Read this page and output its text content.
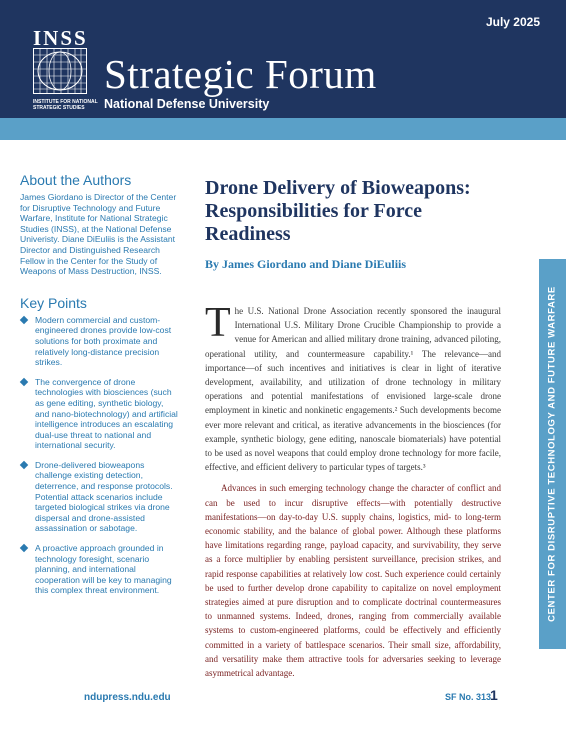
INSS
INSTITUTE FOR NATIONAL STRATEGIC STUDIES
July 2025
Strategic Forum
National Defense University
About the Authors

James Giordano is Director of the Center for Disruptive Technology and Future Warfare, Institute for National Strategic Studies (INSS), at the National Defense Univeristy. Diane DiEuliis is the Assistant Director and Distinguished Research Fellow in the Center for the Study of Weapons of Mass Destruction, INSS.

Key Points
Modern commercial and custom-engineered drones provide low-cost solutions for both proximate and relatively long-distance precision strikes.
The convergence of drone technologies with biosciences (such as gene editing, synthetic biology, and nano-biotechnology) and artificial intelligence introduces an escalating dual-use threat to national and international security.
Drone-delivered bioweapons challenge existing detection, deterrence, and response protocols. Potential attack scenarios include targeted biological strikes via drone dispersal and drone-assisted assassination or sabotage.
A proactive approach grounded in technology foresight, scenario planning, and international cooperation will be key to managing this complex threat environment.
Drone Delivery of Bioweapons: Responsibilities for Force Readiness

By James Giordano and Diane DiEuliis

The U.S. National Drone Association recently sponsored the inaugural International U.S. Military Drone Crucible Championship to provide a venue for American and allied military drone training, advanced piloting, operational utility, and countermeasure capability.¹ The relevance—and importance—of such incentives and initiatives is clear in light of iterative development, availability, and utilization of drone technology in military operations and potential manifestations of envisioned large-scale drone employment in kinetic and nonkinetic engagements.² Such developments become ever more relevant and critical, as iterative advancements in the biosciences (for example, synthetic biology, gene editing, nanoscale biomaterials) have potential to be used as novel weapons that could employ drone technology for more facile, effective, and efficient delivery to particular types of targets.³

Advances in such emerging technology change the character of conflict and can be used to incur disruptive effects—with potentially destructive manifestations—on day-to-day U.S. supply chains, logistics, mid- to long-term economic stability, and the balance of global power. Although these platforms have limitations regarding range, payload capacity, and survivability, they serve as a force multiplier by enabling persistent surveillance, precision strikes, and rapid response capabilities at relatively low cost. Such experience could certainly be used to further develop drone capability to capitalize on novel employment strategies aimed at pure disruption and to complicate doctrinal countermeasures to unmanned systems. Indeed, drones, ranging from commercially available systems to custom-engineered platforms, could be effectively and efficiently committed in a variety of battlespace scenarios. Their small size, affordability, and versatility make them attractive tools for adversaries seeking to leverage asymmetrical advantage.

CENTER FOR DISRUPTIVE TECHNOLOGY AND FUTURE WARFARE
ndupress.ndu.edu	SF No. 313
1
